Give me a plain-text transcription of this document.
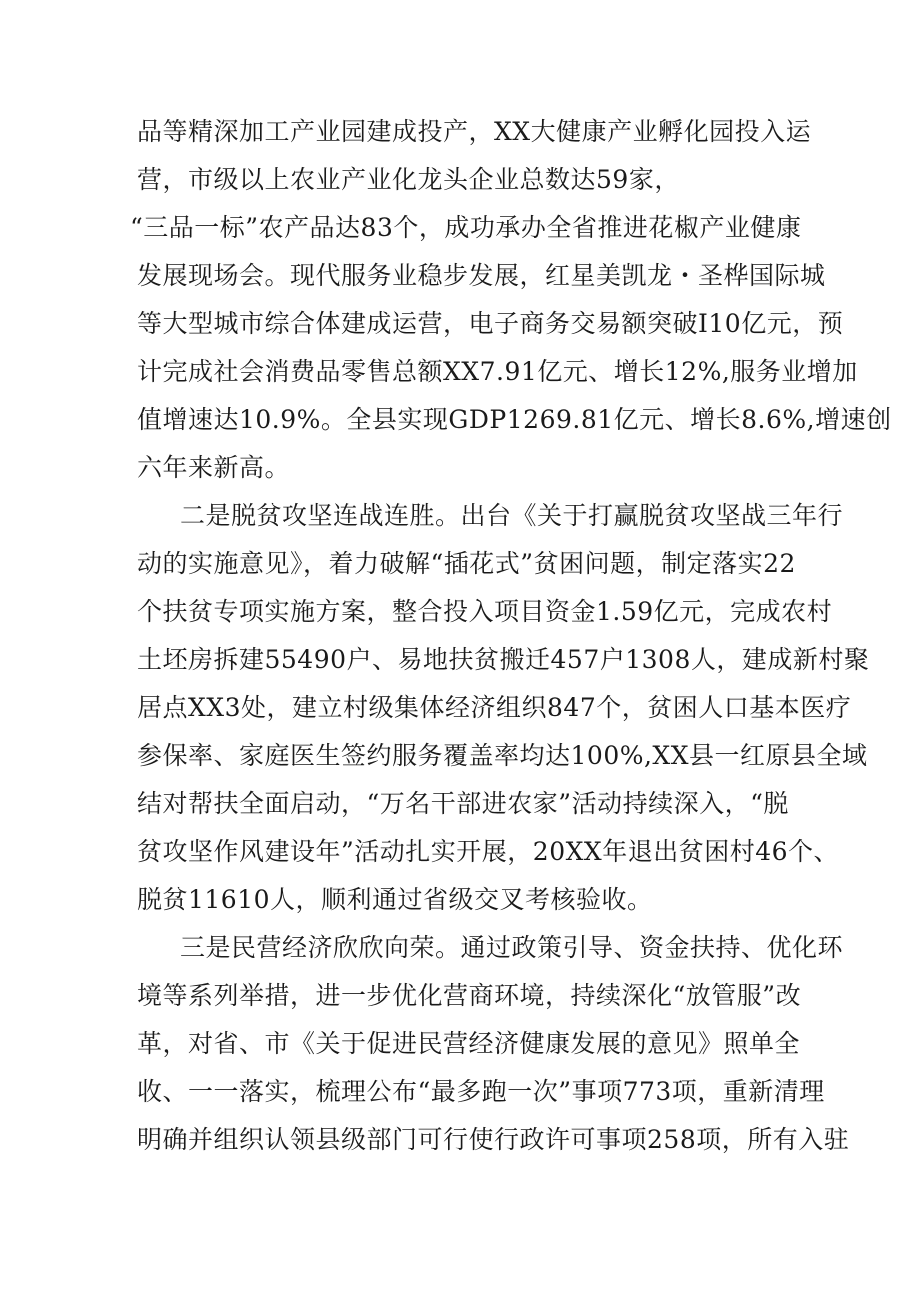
品等精深加工产业园建成投产，XX大健康产业孵化园投入运
营，市级以上农业产业化龙头企业总数达59家，
“三品一标”农产品达83个，成功承办全省推进花椒产业健康
发展现场会。现代服务业稳步发展，红星美凯龙・圣桦国际城
等大型城市综合体建成运营，电子商务交易额突破I10亿元，预
计完成社会消费品零售总额XX7.91亿元、增长12%,服务业增加
值增速达10.9%。全县实现GDP1269.81亿元、增长8.6%,增速创
六年来新高。
二是脱贫攻坚连战连胜。出台《关于打赢脱贫攻坚战三年行
动的实施意见》，着力破解“插花式”贫困问题，制定落实22
个扶贫专项实施方案，整合投入项目资金1.59亿元，完成农村
土坯房拆建55490户、易地扶贫搬迁457户1308人，建成新村聚
居点XX3处，建立村级集体经济组织847个，贫困人口基本医疗
参保率、家庭医生签约服务覆盖率均达100%,XX县一红原县全域
结对帮扶全面启动，“万名干部进农家”活动持续深入，“脱
贫攻坚作风建设年”活动扎实开展，20XX年退出贫困村46个、
脱贫11610人，顺利通过省级交叉考核验收。
三是民营经济欣欣向荣。通过政策引导、资金扶持、优化环
境等系列举措，进一步优化营商环境，持续深化“放管服”改
革，对省、市《关于促进民营经济健康发展的意见》照单全
收、一一落实，梳理公布“最多跑一次”事项773项，重新清理
明确并组织认领县级部门可行使行政许可事项258项，所有入驻
